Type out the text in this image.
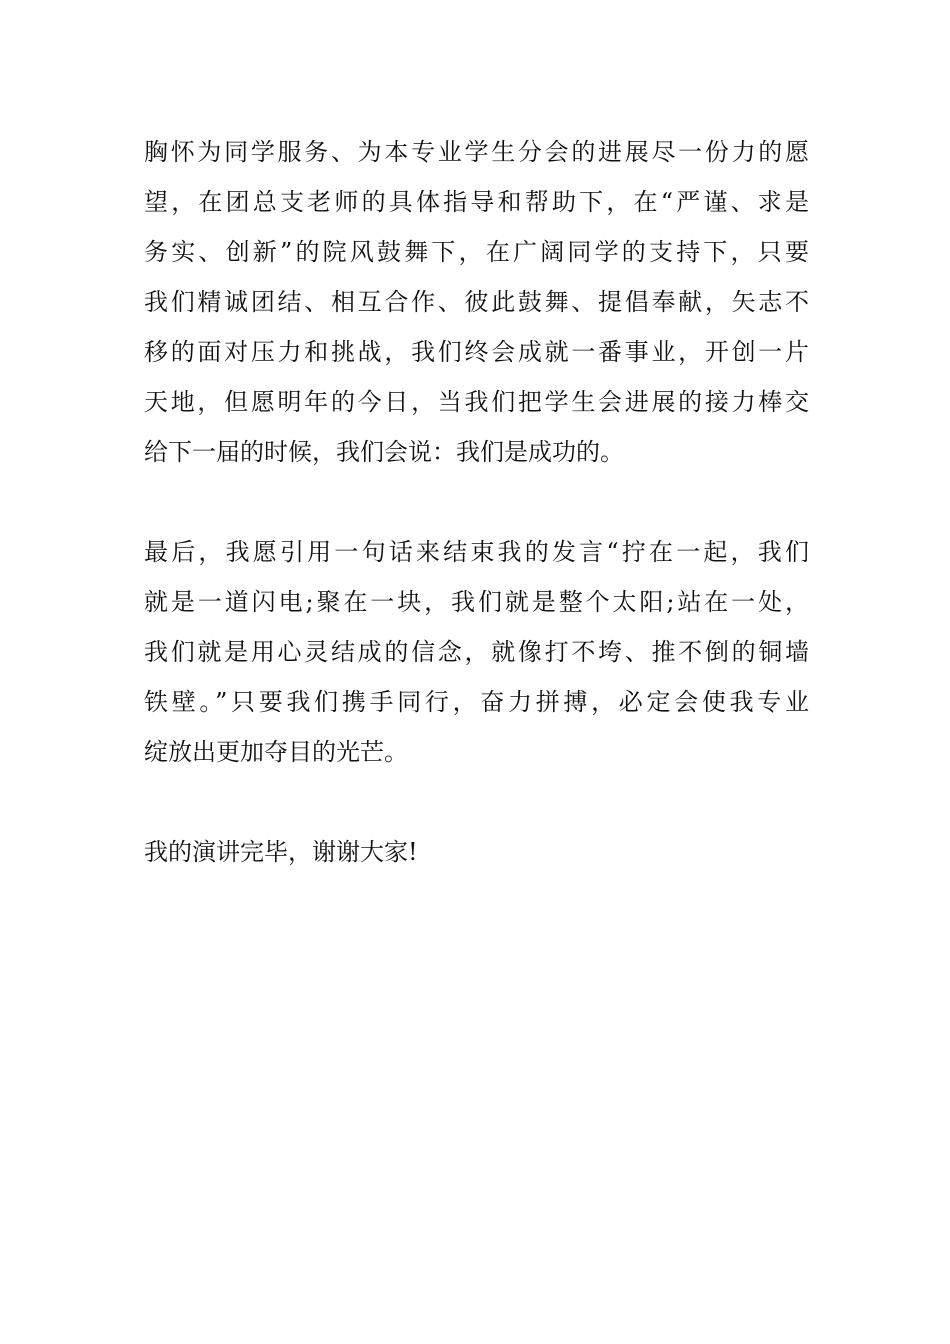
胸怀为同学服务、为本专业学生分会的进展尽一份力的愿
望，在团总支老师的具体指导和帮助下，在“严谨、求是
务实、创新”的院风鼓舞下，在广阔同学的支持下，只要
我们精诚团结、相互合作、彼此鼓舞、提倡奉献，矢志不
移的面对压力和挑战，我们终会成就一番事业，开创一片
天地，但愿明年的今日，当我们把学生会进展的接力棒交
给下一届的时候，我们会说：我们是成功的。

最后，我愿引用一句话来结束我的发言“拧在一起，我们
就是一道闪电;聚在一块，我们就是整个太阳;站在一处，
我们就是用心灵结成的信念，就像打不垮、推不倒的铜墙
铁壁。”只要我们携手同行，奋力拼搏，必定会使我专业
绽放出更加夺目的光芒。

我的演讲完毕，谢谢大家!
